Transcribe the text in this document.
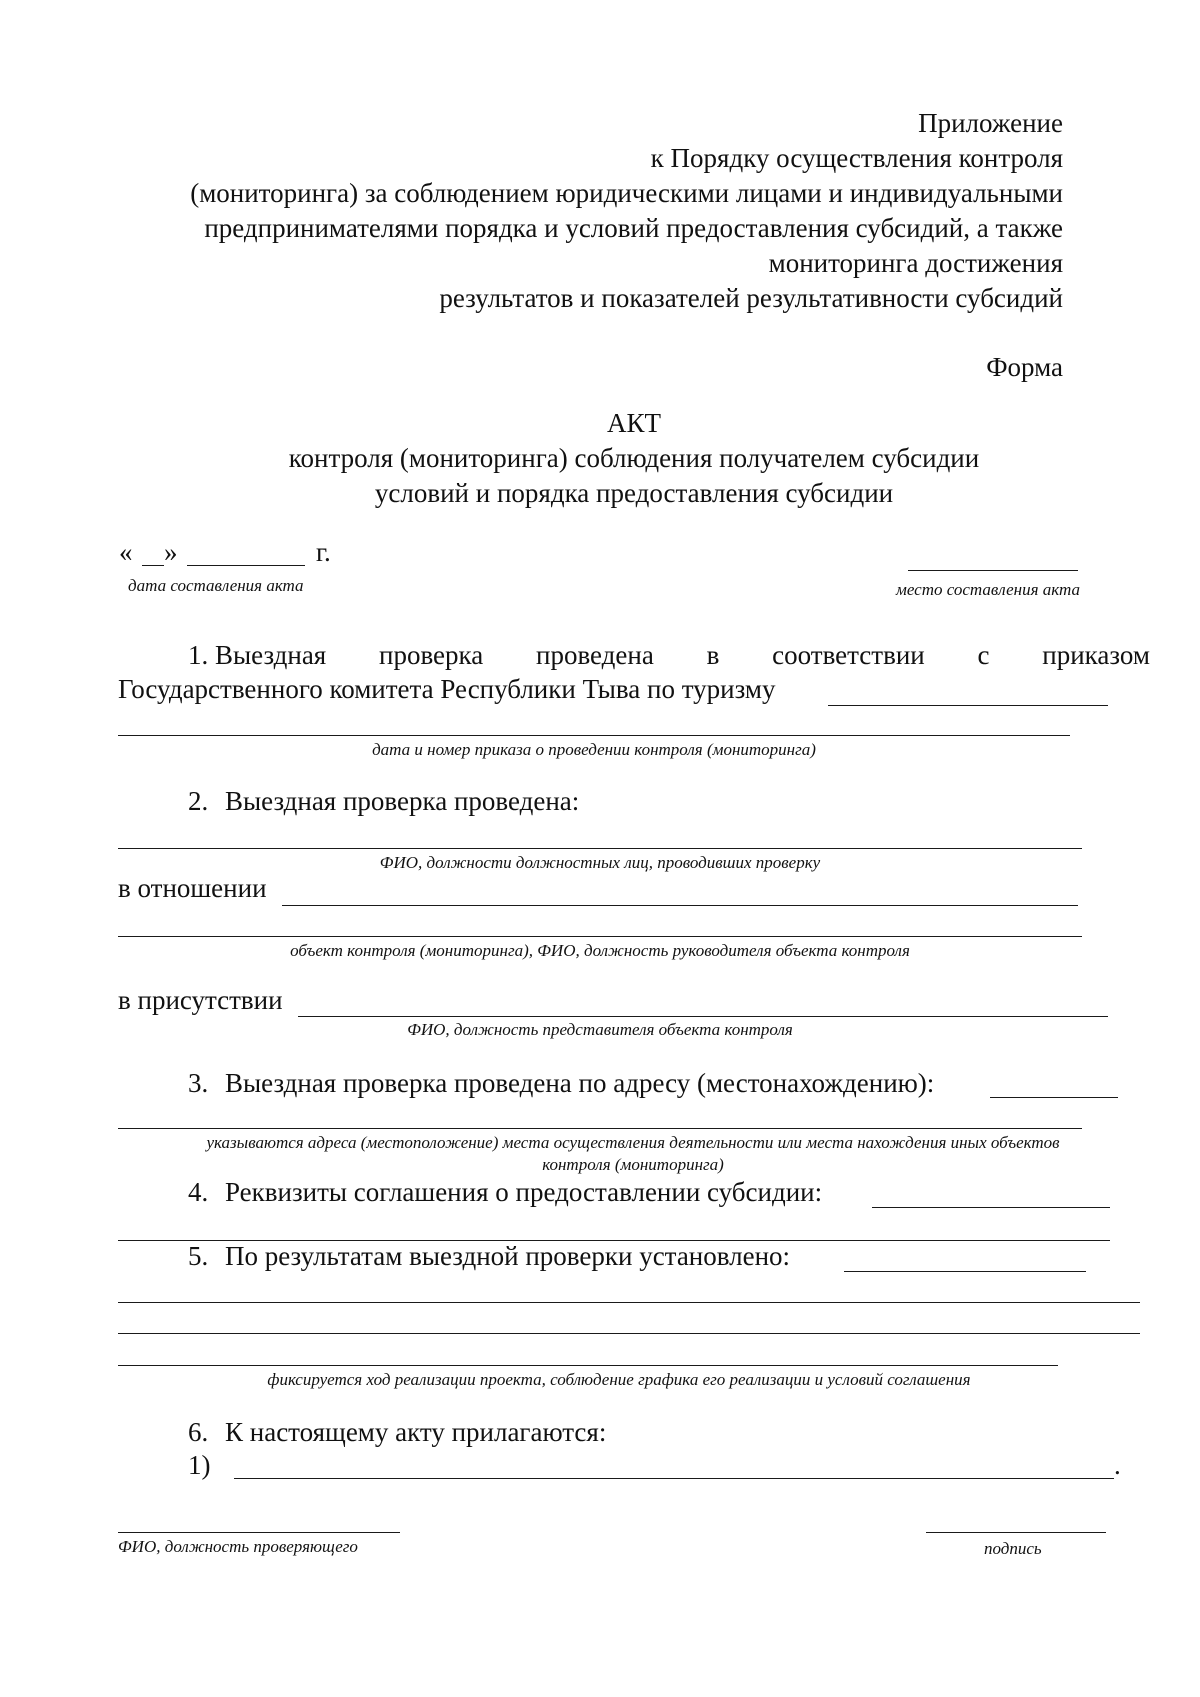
Приложение
к Порядку осуществления контроля
(мониторинга) за соблюдением юридическими лицами и индивидуальными
предпринимателями порядка и условий предоставления субсидий, а также
мониторинга достижения
результатов и показателей результативности субсидий
Форма
АКТ
контроля (мониторинга) соблюдения получателем субсидии
условий и порядка предоставления субсидии
« »	г.
дата составления акта	место составления акта
1. Выездная проверка проведена в соответствии с приказом
Государственного комитета Республики Тыва по туризму
дата и номер приказа о проведении контроля (мониторинга)
2. Выездная проверка проведена:
ФИО, должности должностных лиц, проводивших проверку
в отношении
объект контроля (мониторинга), ФИО, должность руководителя объекта контроля
в присутствии
ФИО, должность представителя объекта контроля
3. Выездная проверка проведена по адресу (местонахождению):
указываются адреса (местоположение) места осуществления деятельности или места нахождения иных объектов
контроля (мониторинга)
4. Реквизиты соглашения о предоставлении субсидии:
5. По результатам выездной проверки установлено:
фиксируется ход реализации проекта, соблюдение графика его реализации и условий соглашения
6. К настоящему акту прилагаются:
1)	.
ФИО, должность проверяющего	подпись
